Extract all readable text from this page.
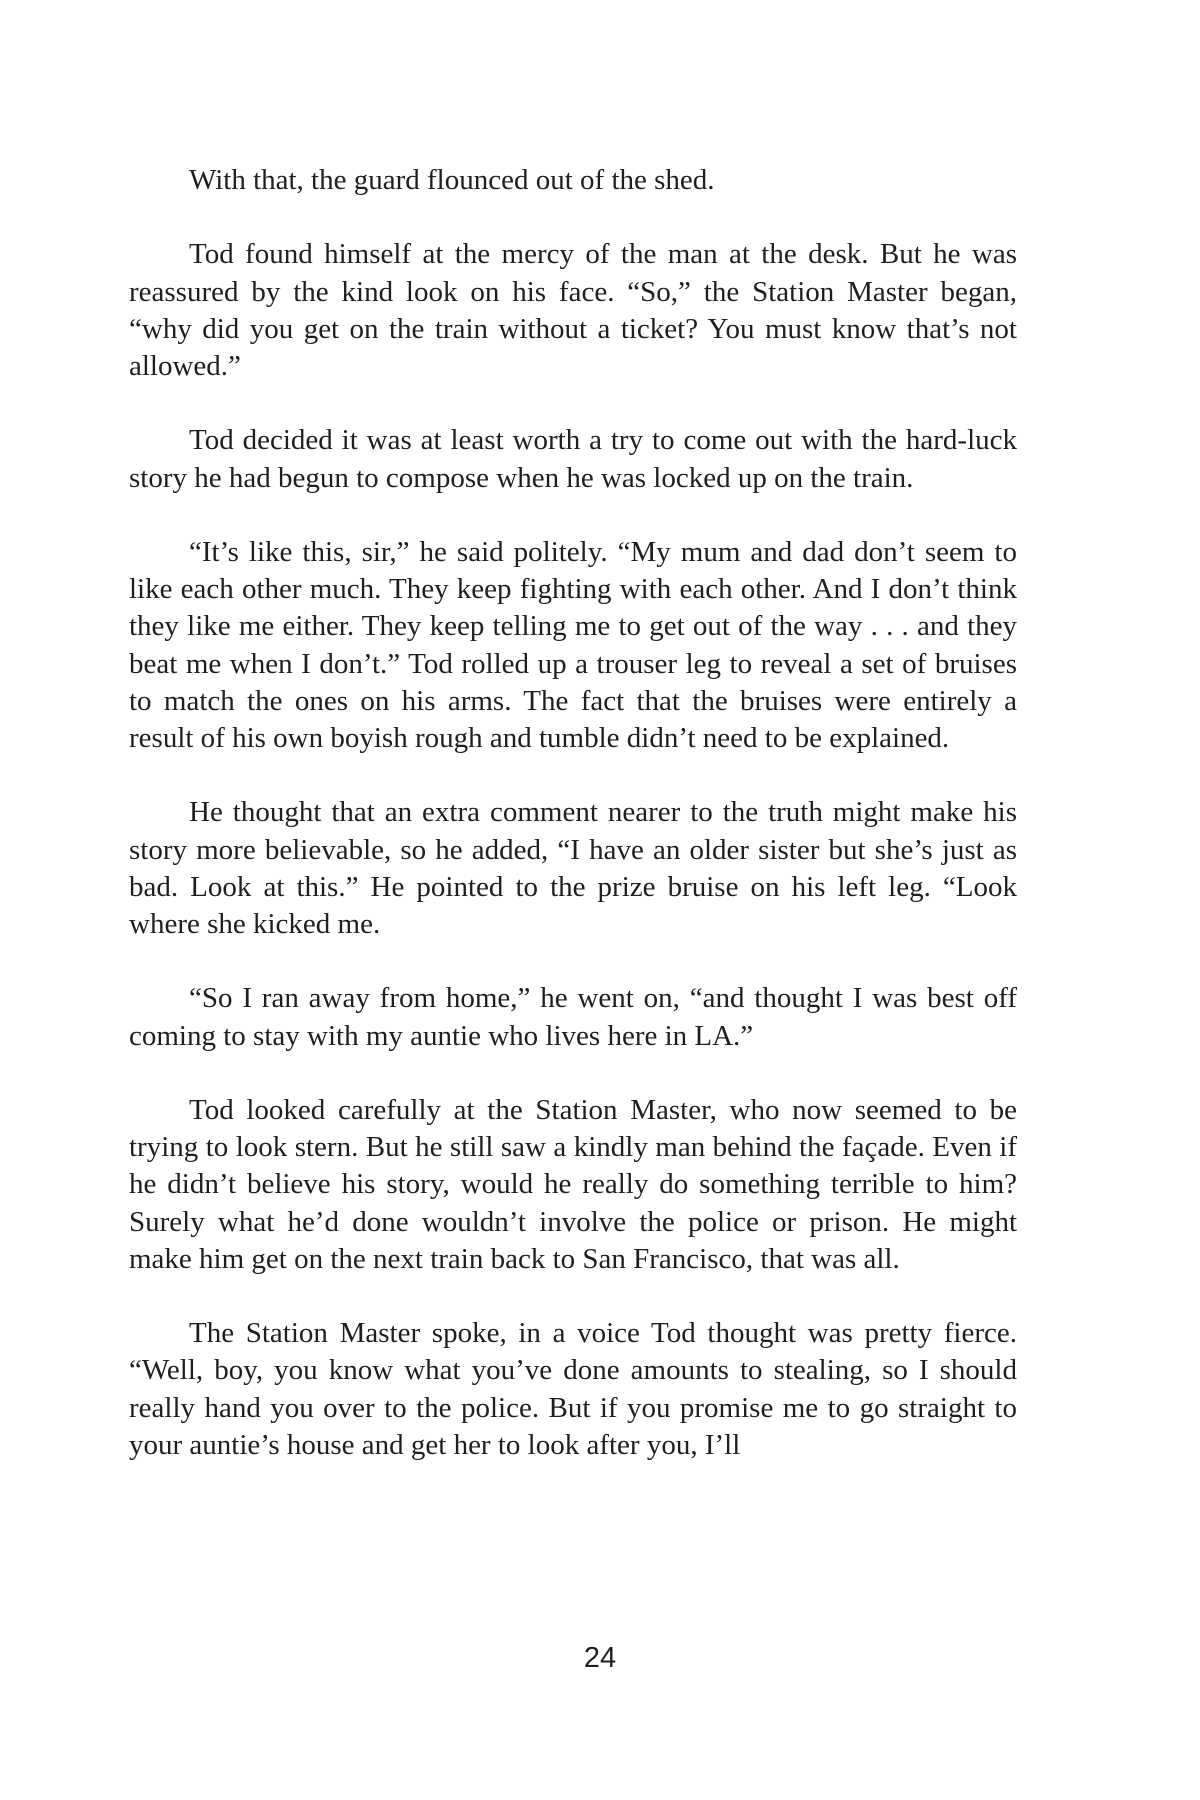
With that, the guard flounced out of the shed.

Tod found himself at the mercy of the man at the desk. But he was reassured by the kind look on his face. “So,” the Station Master began, “why did you get on the train without a ticket? You must know that’s not allowed.”

Tod decided it was at least worth a try to come out with the hard-luck story he had begun to compose when he was locked up on the train.

“It’s like this, sir,” he said politely. “My mum and dad don’t seem to like each other much. They keep fighting with each other. And I don’t think they like me either. They keep telling me to get out of the way . . . and they beat me when I don’t.” Tod rolled up a trouser leg to reveal a set of bruises to match the ones on his arms. The fact that the bruises were entirely a result of his own boyish rough and tumble didn’t need to be explained.

He thought that an extra comment nearer to the truth might make his story more believable, so he added, “I have an older sister but she’s just as bad. Look at this.” He pointed to the prize bruise on his left leg. “Look where she kicked me.

“So I ran away from home,” he went on, “and thought I was best off coming to stay with my auntie who lives here in LA.”

Tod looked carefully at the Station Master, who now seemed to be trying to look stern. But he still saw a kindly man behind the façade. Even if he didn’t believe his story, would he really do something terrible to him? Surely what he’d done wouldn’t involve the police or prison. He might make him get on the next train back to San Francisco, that was all.

The Station Master spoke, in a voice Tod thought was pretty fierce. “Well, boy, you know what you’ve done amounts to stealing, so I should really hand you over to the police. But if you promise me to go straight to your auntie’s house and get her to look after you, I’ll

24
